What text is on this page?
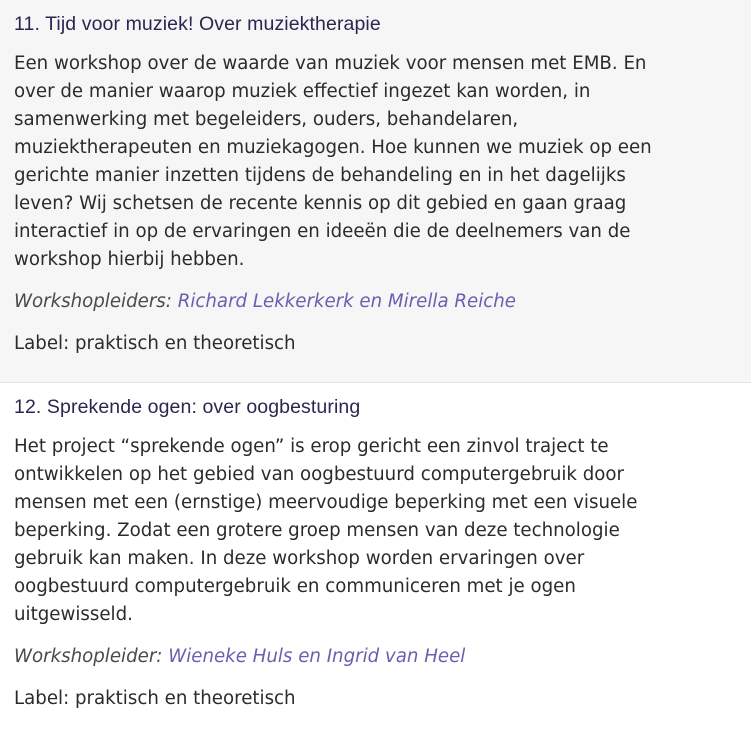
11. Tijd voor muziek! Over muziektherapie

Een workshop over de waarde van muziek voor mensen met EMB. En
over de manier waarop muziek effectief ingezet kan worden, in
samenwerking met begeleiders, ouders, behandelaren,
muziektherapeuten en muziekagogen. Hoe kunnen we muziek op een
gerichte manier inzetten tijdens de behandeling en in het dagelijks
leven? Wij schetsen de recente kennis op dit gebied en gaan graag
interactief in op de ervaringen en ideeën die de deelnemers van de
workshop hierbij hebben.

Workshopleiders: Richard Lekkerkerk en Mirella Reiche

Label: praktisch en theoretisch

12. Sprekende ogen: over oogbesturing

Het project “sprekende ogen” is erop gericht een zinvol traject te
ontwikkelen op het gebied van oogbestuurd computergebruik door
mensen met een (ernstige) meervoudige beperking met een visuele
beperking. Zodat een grotere groep mensen van deze technologie
gebruik kan maken. In deze workshop worden ervaringen over
oogbestuurd computergebruik en communiceren met je ogen
uitgewisseld.

Workshopleider: Wieneke Huls en Ingrid van Heel

Label: praktisch en theoretisch
